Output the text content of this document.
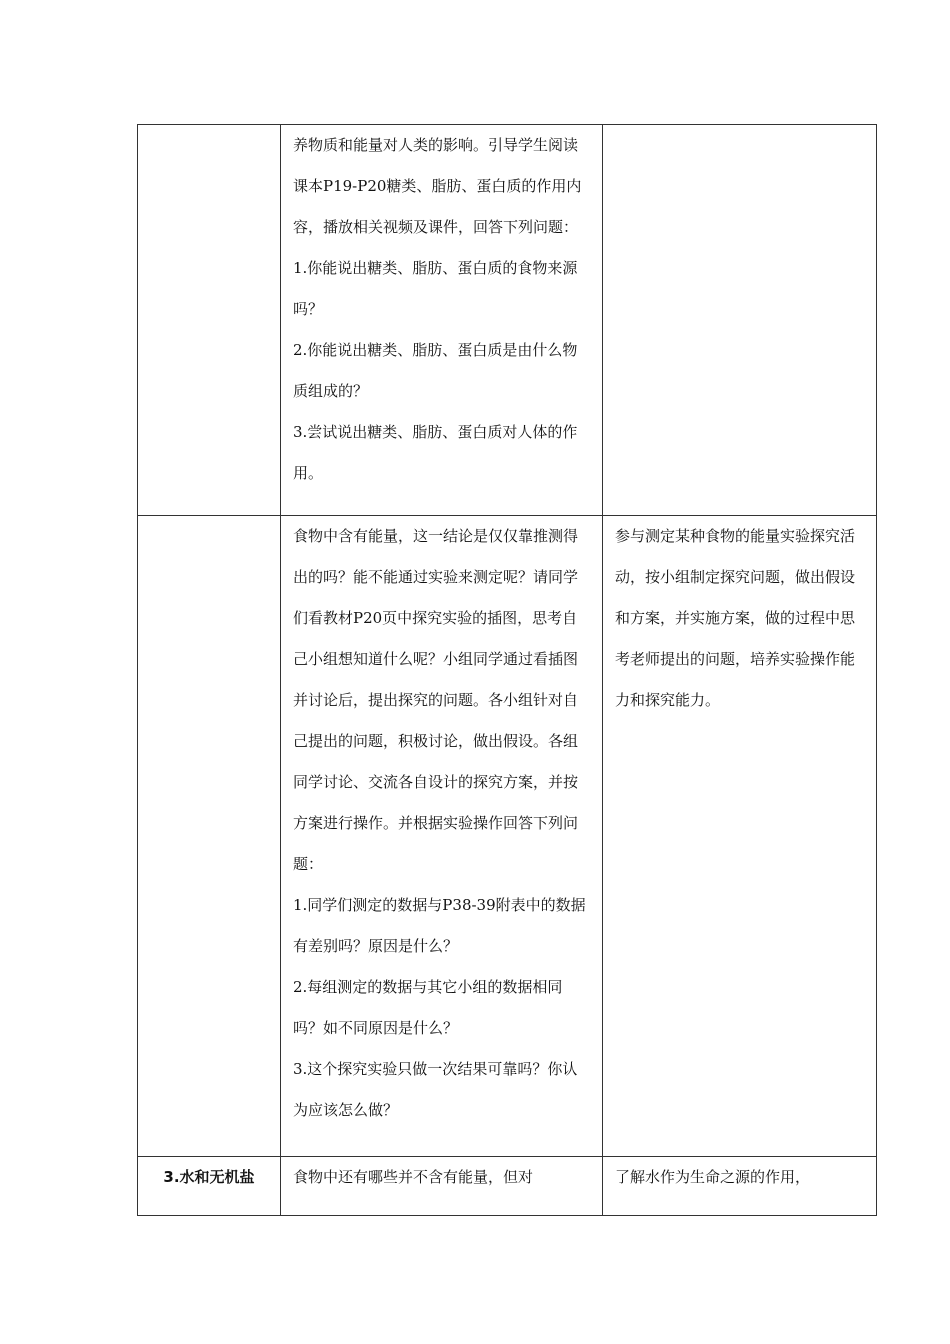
	养物质和能量对人类的影响。引导学生阅读课本P19-P20糖类、脂肪、蛋白质的作用内容，播放相关视频及课件，回答下列问题：

1.你能说出糖类、脂肪、蛋白质的食物来源吗？

2.你能说出糖类、脂肪、蛋白质是由什么物质组成的？

3.尝试说出糖类、脂肪、蛋白质对人体的作用。	

	食物中含有能量，这一结论是仅仅靠推测得出的吗？能不能通过实验来测定呢？请同学们看教材P20页中探究实验的插图，思考自己小组想知道什么呢？小组同学通过看插图并讨论后，提出探究的问题。各小组针对自己提出的问题，积极讨论，做出假设。各组同学讨论、交流各自设计的探究方案，并按方案进行操作。并根据实验操作回答下列问题：

1.同学们测定的数据与P38-39附表中的数据有差别吗？原因是什么？

2.每组测定的数据与其它小组的数据相同吗？如不同原因是什么？

3.这个探究实验只做一次结果可靠吗？你认为应该怎么做？	参与测定某种食物的能量实验探究活动，按小组制定探究问题，做出假设和方案，并实施方案，做的过程中思考老师提出的问题，培养实验操作能力和探究能力。
3.水和无机盐	食物中还有哪些并不含有能量，但对	了解水作为生命之源的作用，
